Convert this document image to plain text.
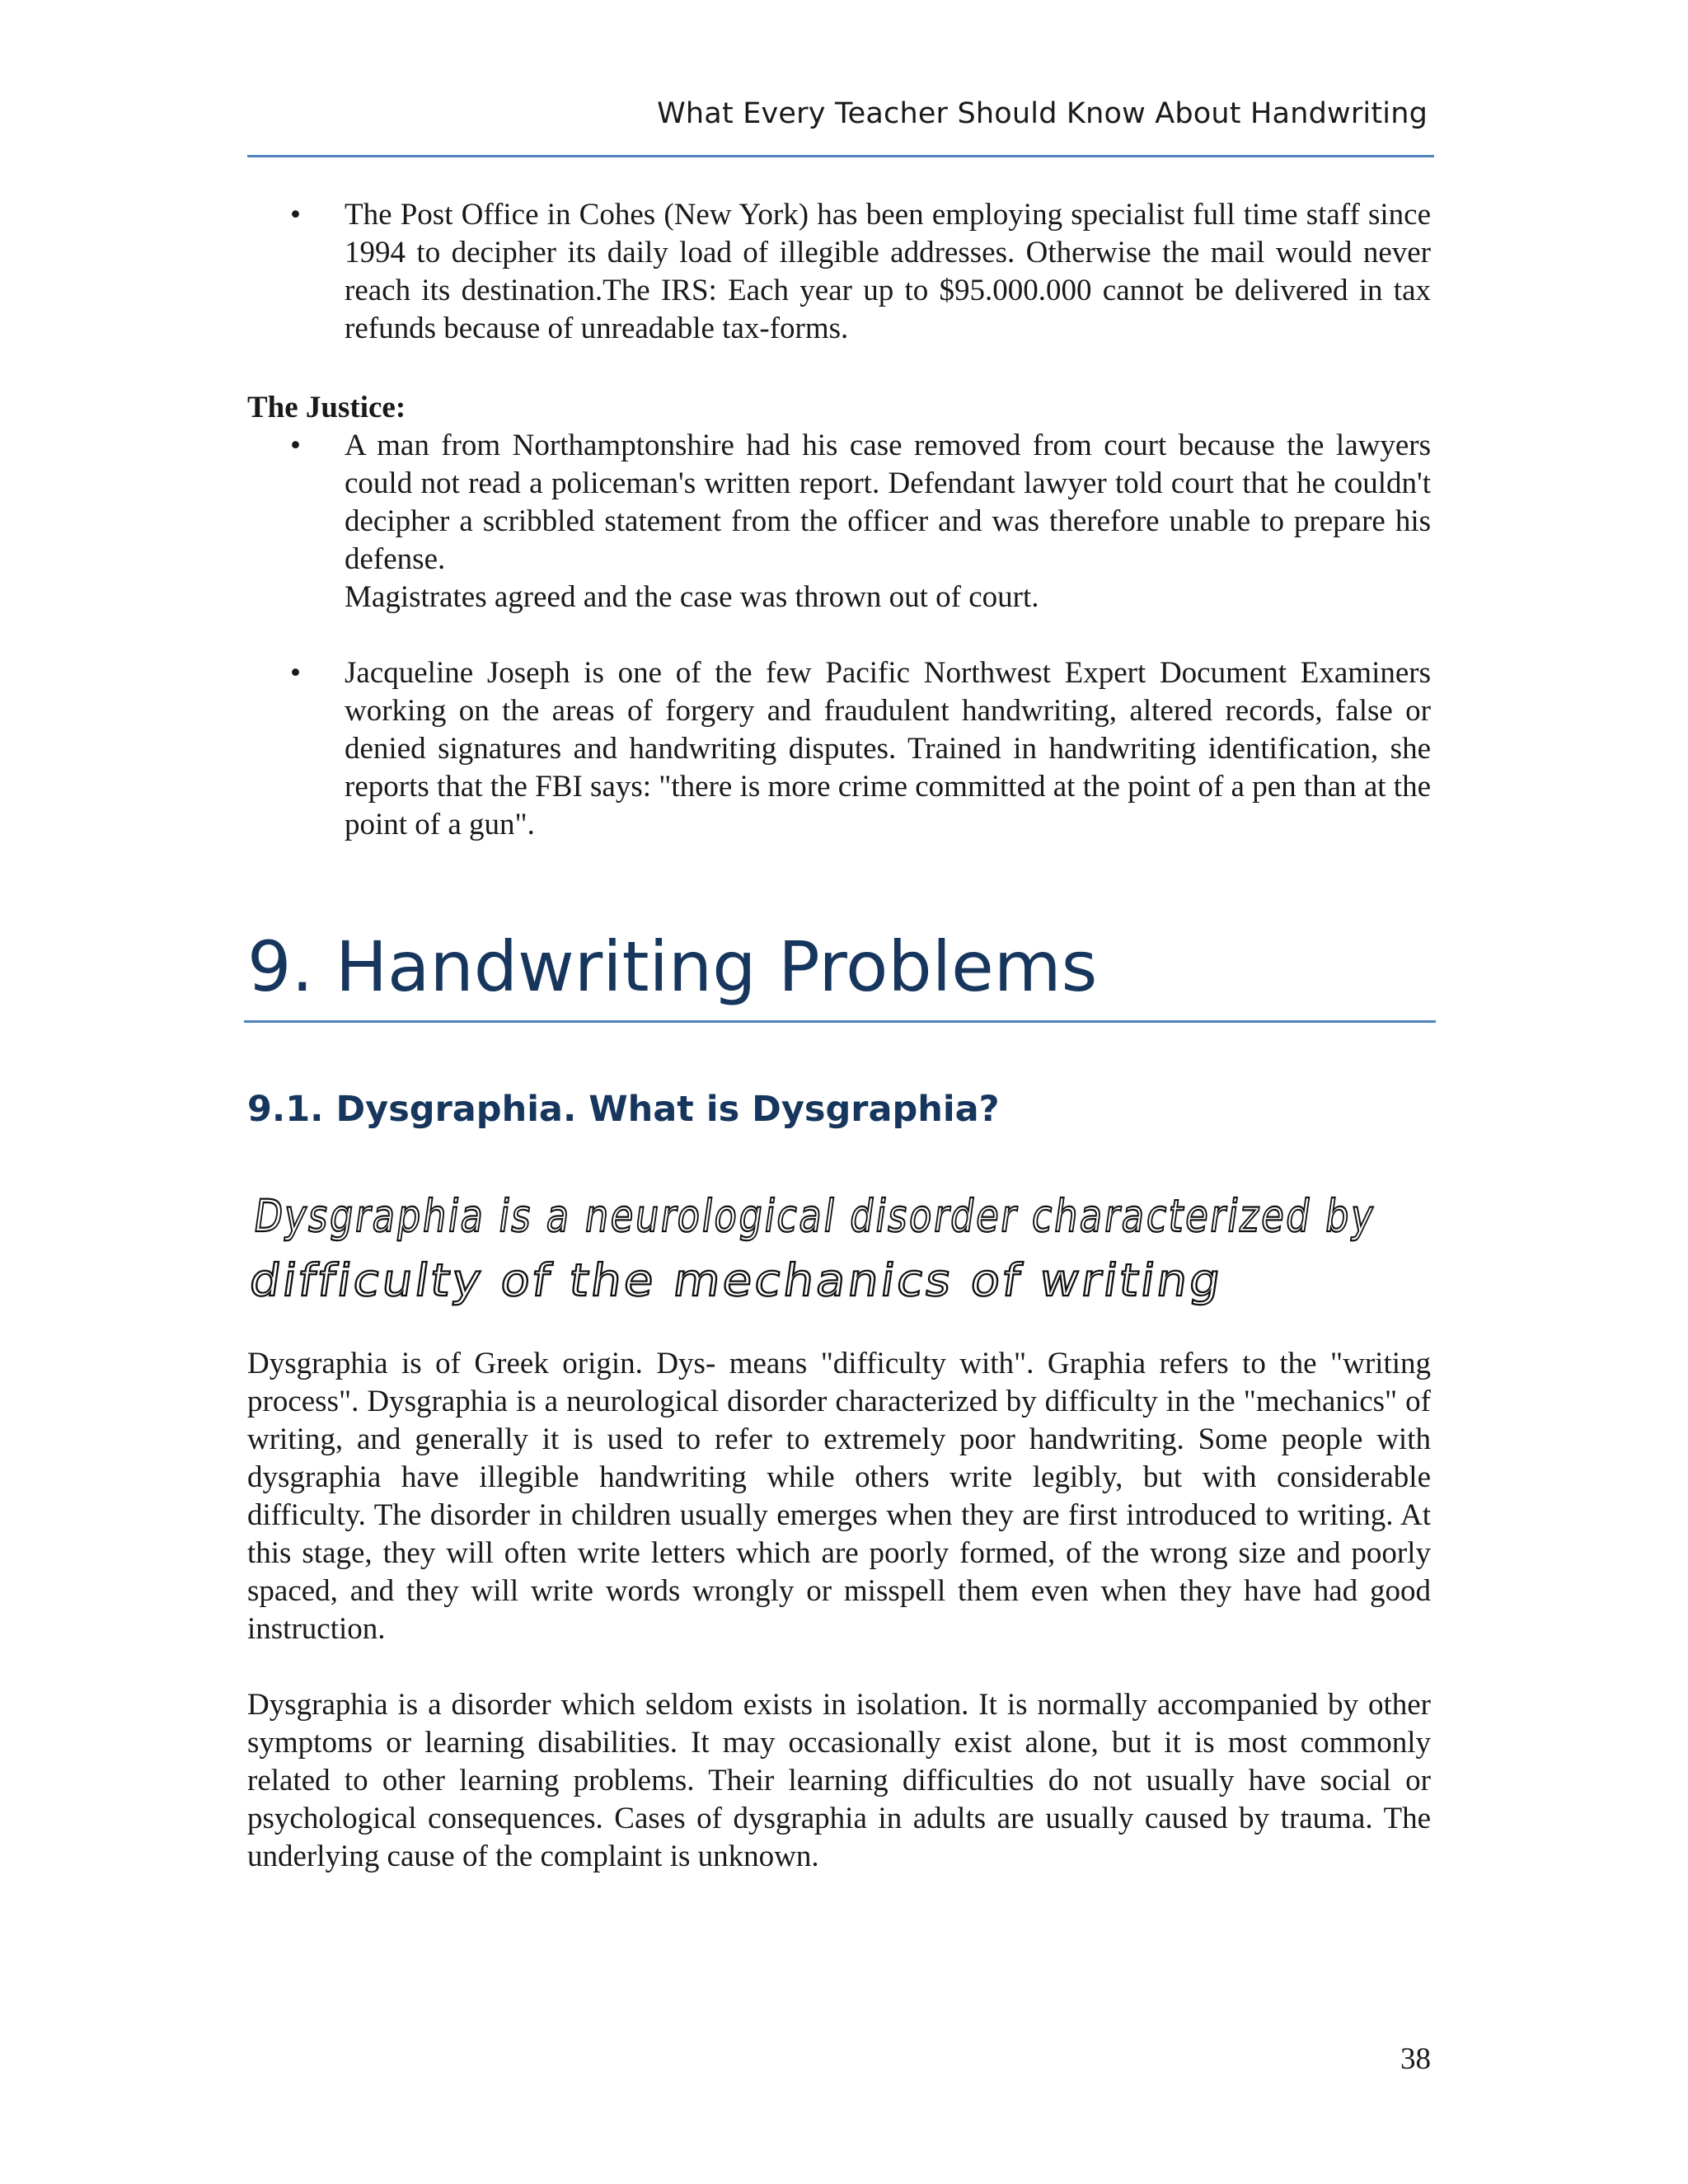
What Every Teacher Should Know About Handwriting
• The Post Office in Cohes (New York) has been employing specialist full time staff since 1994 to decipher its daily load of illegible addresses. Otherwise the mail would never reach its destination.The IRS: Each year up to $95.000.000 cannot be delivered in tax refunds because of unreadable tax-forms.
The Justice:
• A man from Northamptonshire had his case removed from court because the lawyers could not read a policeman's written report. Defendant lawyer told court that he couldn't decipher a scribbled statement from the officer and was therefore unable to prepare his defense.

Magistrates agreed and the case was thrown out of court.

• Jacqueline Joseph is one of the few Pacific Northwest Expert Document Examiners working on the areas of forgery and fraudulent handwriting, altered records, false or denied signatures and handwriting disputes. Trained in handwriting identification, she reports that the FBI says: "there is more crime committed at the point of a pen than at the point of a gun".
9. Handwriting Problems
9.1. Dysgraphia. What is Dysgraphia?
Dysgraphia is a neurological disorder characterized by
difficulty of the mechanics of writing

Dysgraphia is of Greek origin. Dys- means "difficulty with". Graphia refers to the "writing process". Dysgraphia is a neurological disorder characterized by difficulty in the "mechanics" of writing, and generally it is used to refer to extremely poor handwriting. Some people with dysgraphia have illegible handwriting while others write legibly, but with considerable difficulty. The disorder in children usually emerges when they are first introduced to writing. At this stage, they will often write letters which are poorly formed, of the wrong size and poorly spaced, and they will write words wrongly or misspell them even when they have had good instruction.

Dysgraphia is a disorder which seldom exists in isolation. It is normally accompanied by other symptoms or learning disabilities. It may occasionally exist alone, but it is most commonly related to other learning problems. Their learning difficulties do not usually have social or psychological consequences. Cases of dysgraphia in adults are usually caused by trauma. The underlying cause of the complaint is unknown.

38
